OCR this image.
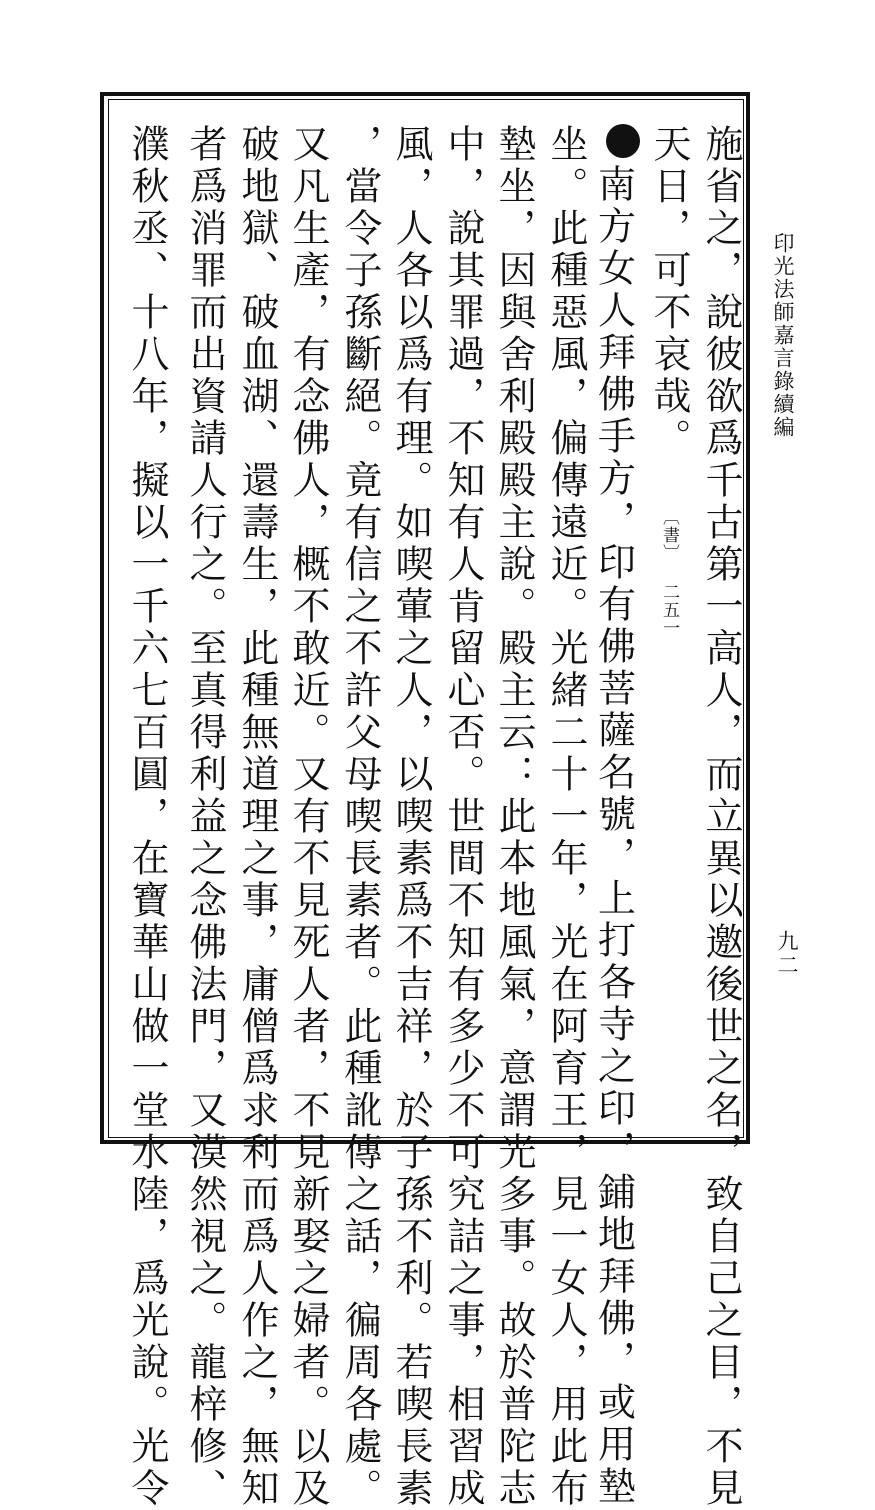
施省之，說彼欲爲千古第一高人，而立異以邀後世之名，致自己之目，不見
天日，可不哀哉。 〔書〕 二五一
南方女人拜佛手方，印有佛菩薩名號，上打各寺之印，鋪地拜佛，或用墊
坐。此種惡風，偏傳遠近。光緒二十一年，光在阿育王，見一女人，用此布
墊坐，因與舍利殿殿主說。殿主云：此本地風氣，意謂光多事。故於普陀志
中，說其罪過，不知有人肯留心否。世間不知有多少不可究詰之事，相習成
風，人各以爲有理。如喫葷之人，以喫素爲不吉祥，於子孫不利。若喫長素
，當令子孫斷絕。竟有信之不許父母喫長素者。此種訛傳之話，徧周各處。
又凡生產，有念佛人，概不敢近。又有不見死人者，不見新娶之婦者。以及
破地獄、破血湖、還壽生，此種無道理之事，庸僧爲求利而爲人作之，無知
者爲消罪而出資請人行之。至真得利益之念佛法門，又漠然視之。龍梓修、
濮秋丞、十八年，擬以一千六七百圓，在寶華山做一堂水陸，爲光說。光令	印光法師嘉言錄續編
九二
